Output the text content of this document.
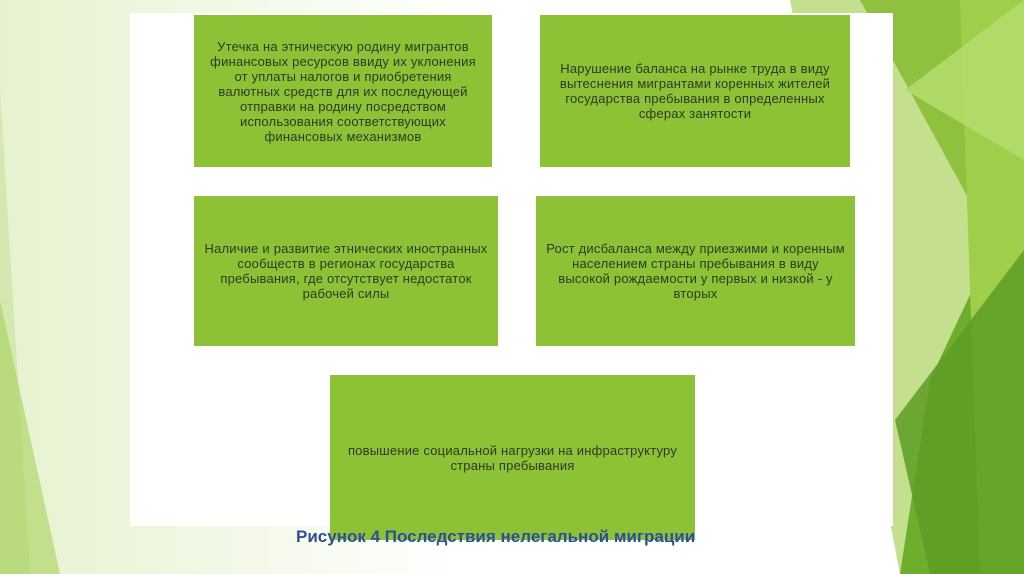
Утечка на этническую родину мигрантов финансовых ресурсов ввиду их уклонения от уплаты налогов и приобретения валютных средств для их последующей отправки на родину посредством использования соответствующих финансовых механизмов
Нарушение баланса на рынке труда в виду вытеснения мигрантами коренных жителей государства пребывания в определенных сферах занятости
Наличие и развитие этнических иностранных сообществ в регионах государства пребывания, где отсутствует недостаток рабочей силы
Рост дисбаланса между приезжими и коренным населением страны пребывания в виду высокой рождаемости у первых и низкой - у вторых
повышение социальной нагрузки на инфраструктуру страны пребывания
Рисунок 4 Последствия нелегальной миграции
